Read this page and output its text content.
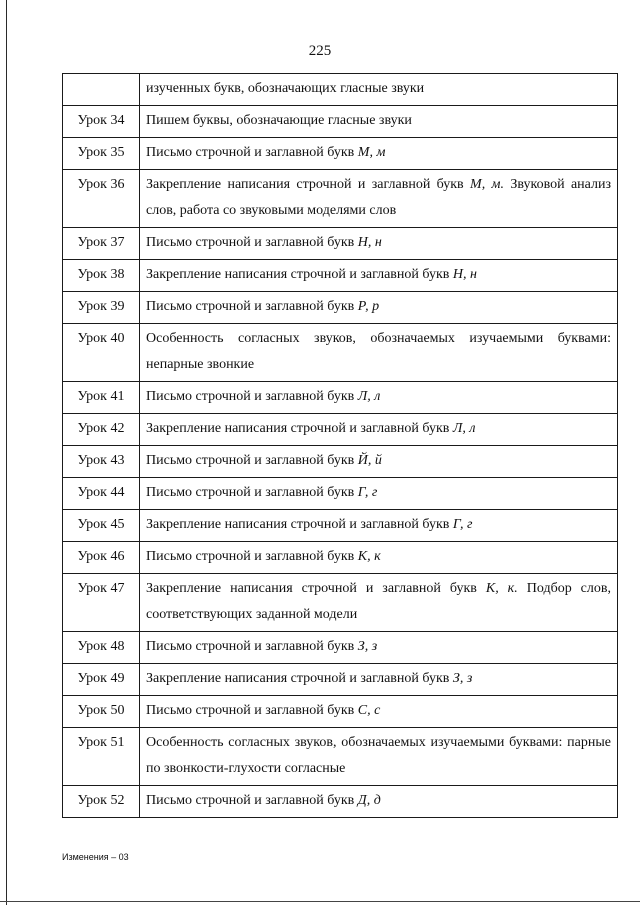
225
	изученных букв, обозначающих гласные звуки
Урок 34	Пишем буквы, обозначающие гласные звуки
Урок 35	Письмо строчной и заглавной букв М, м
Урок 36	Закрепление написания строчной и заглавной букв М, м. Звуковой анализ слов, работа со звуковыми моделями слов
Урок 37	Письмо строчной и заглавной букв Н, н
Урок 38	Закрепление написания строчной и заглавной букв Н, н
Урок 39	Письмо строчной и заглавной букв Р, р
Урок 40	Особенность согласных звуков, обозначаемых изучаемыми буквами: непарные звонкие
Урок 41	Письмо строчной и заглавной букв Л, л
Урок 42	Закрепление написания строчной и заглавной букв Л, л
Урок 43	Письмо строчной и заглавной букв Й, й
Урок 44	Письмо строчной и заглавной букв Г, г
Урок 45	Закрепление написания строчной и заглавной букв Г, г
Урок 46	Письмо строчной и заглавной букв К, к
Урок 47	Закрепление написания строчной и заглавной букв К, к. Подбор слов, соответствующих заданной модели
Урок 48	Письмо строчной и заглавной букв З, з
Урок 49	Закрепление написания строчной и заглавной букв З, з
Урок 50	Письмо строчной и заглавной букв С, с
Урок 51	Особенность согласных звуков, обозначаемых изучаемыми буквами: парные по звонкости-глухости согласные
Урок 52	Письмо строчной и заглавной букв Д, д
Изменения – 03
